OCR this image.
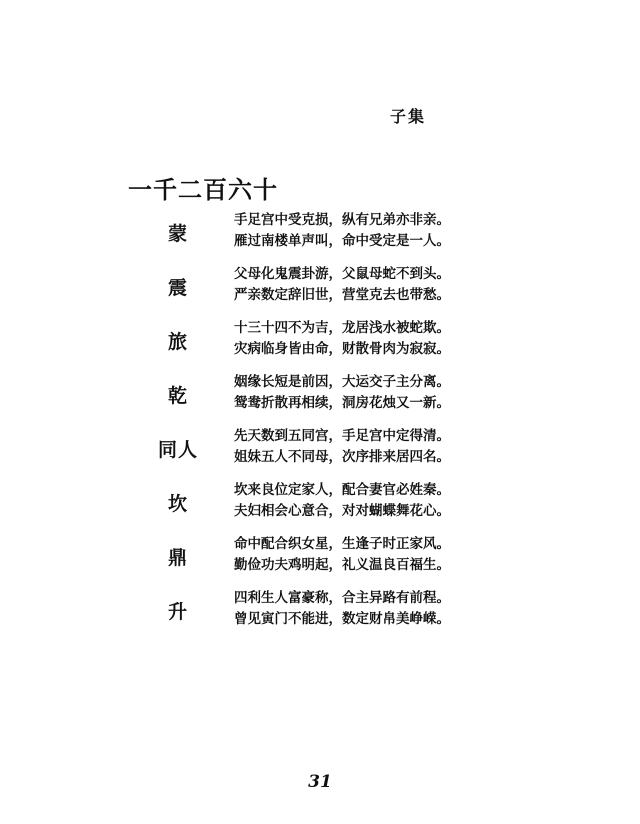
子集
一千二百六十
蒙
手足宫中受克损，纵有兄弟亦非亲。
雁过南楼单声叫，命中受定是一人。
震
父母化鬼震卦游，父鼠母蛇不到头。
严亲数定辞旧世，营堂克去也带愁。
旅
十三十四不为吉，龙居浅水被蛇欺。
灾病临身皆由命，财散骨肉为寂寂。
乾
姻缘长短是前因，大运交子主分离。
鸳鸯折散再相续，洞房花烛又一新。
同人
先天数到五同宫，手足宫中定得清。
姐妹五人不同母，次序排来居四名。
坎
坎来良位定家人，配合妻官必姓秦。
夫妇相会心意合，对对蝴蝶舞花心。
鼎
命中配合织女星，生逢子时正家风。
勤俭功夫鸡明起，礼义温良百福生。
升
四利生人富豪称，合主异路有前程。
曾见寅门不能进，数定财帛美峥嵘。
31
